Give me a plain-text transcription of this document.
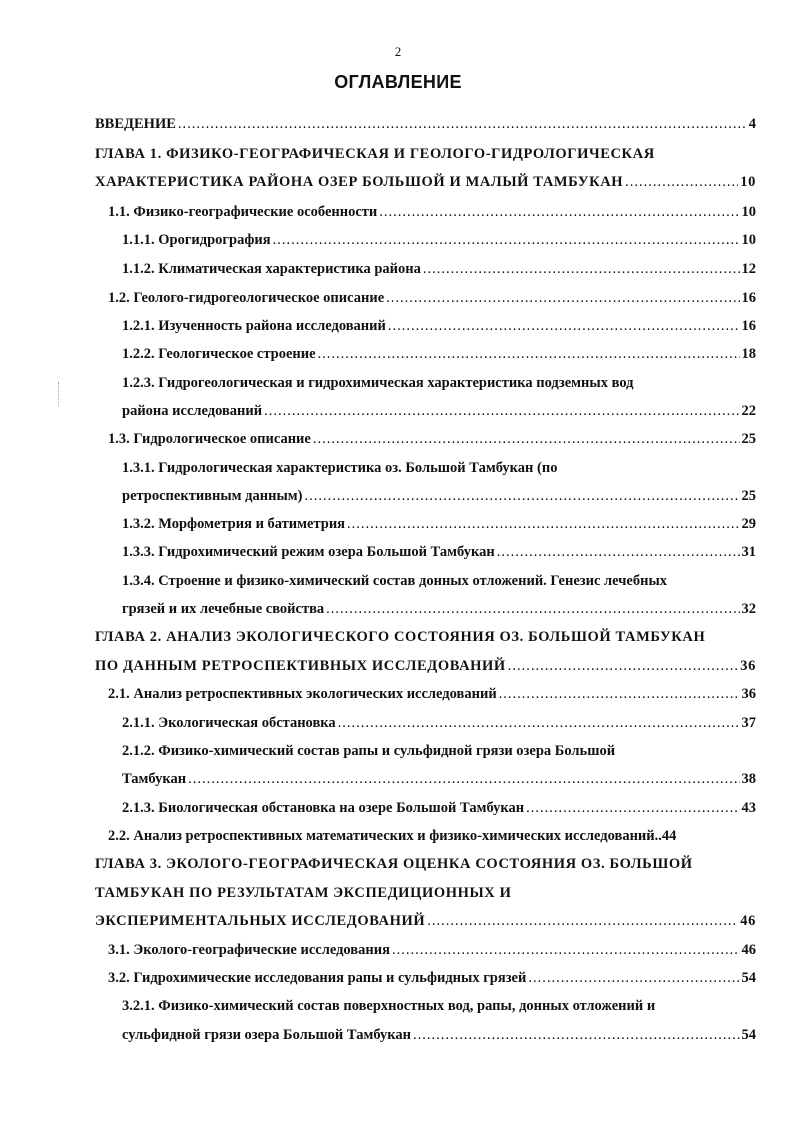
2
ОГЛАВЛЕНИЕ
ВВЕДЕНИЕ .....	4
ГЛАВА 1. ФИЗИКО-ГЕОГРАФИЧЕСКАЯ И ГЕОЛОГО-ГИДРОЛОГИЧЕСКАЯ
ХАРАКТЕРИСТИКА РАЙОНА ОЗЕР БОЛЬШОЙ И МАЛЫЙ ТАМБУКАН .....	10
1.1. Физико-географические особенности .....	10
1.1.1. Орогидрография .....	10
1.1.2. Климатическая характеристика района .....	12
1.2. Геолого-гидрогеологическое описание .....	16
1.2.1. Изученность района исследований .....	16
1.2.2. Геологическое строение .....	18
1.2.3. Гидрогеологическая и гидрохимическая характеристика подземных вод
района исследований .....	22
1.3. Гидрологическое описание .....	25
1.3.1. Гидрологическая характеристика оз. Большой Тамбукан (по
ретроспективным данным) .....	25
1.3.2. Морфометрия и батиметрия .....	29
1.3.3. Гидрохимический режим озера Большой Тамбукан .....	31
1.3.4. Строение и физико-химический состав донных отложений. Генезис лечебных
грязей и их лечебные свойства .....	32
ГЛАВА 2. АНАЛИЗ ЭКОЛОГИЧЕСКОГО СОСТОЯНИЯ ОЗ. БОЛЬШОЙ ТАМБУКАН
ПО ДАННЫМ РЕТРОСПЕКТИВНЫХ ИССЛЕДОВАНИЙ .....	36
2.1. Анализ ретроспективных экологических исследований .....	36
2.1.1. Экологическая обстановка .....	37
2.1.2. Физико-химический состав рапы и сульфидной грязи озера Большой
Тамбукан .....	38
2.1.3. Биологическая обстановка на озере Большой Тамбукан .....	43
2.2. Анализ ретроспективных математических и физико-химических исследований.. 44
ГЛАВА 3. ЭКОЛОГО-ГЕОГРАФИЧЕСКАЯ ОЦЕНКА СОСТОЯНИЯ ОЗ. БОЛЬШОЙ
ТАМБУКАН ПО РЕЗУЛЬТАТАМ ЭКСПЕДИЦИОННЫХ И
ЭКСПЕРИМЕНТАЛЬНЫХ ИССЛЕДОВАНИЙ .....	46
3.1. Эколого-географические исследования .....	46
3.2. Гидрохимические исследования рапы и сульфидных грязей .....	54
3.2.1. Физико-химический состав поверхностных вод, рапы, донных отложений и
сульфидной грязи озера Большой Тамбукан .....	54
